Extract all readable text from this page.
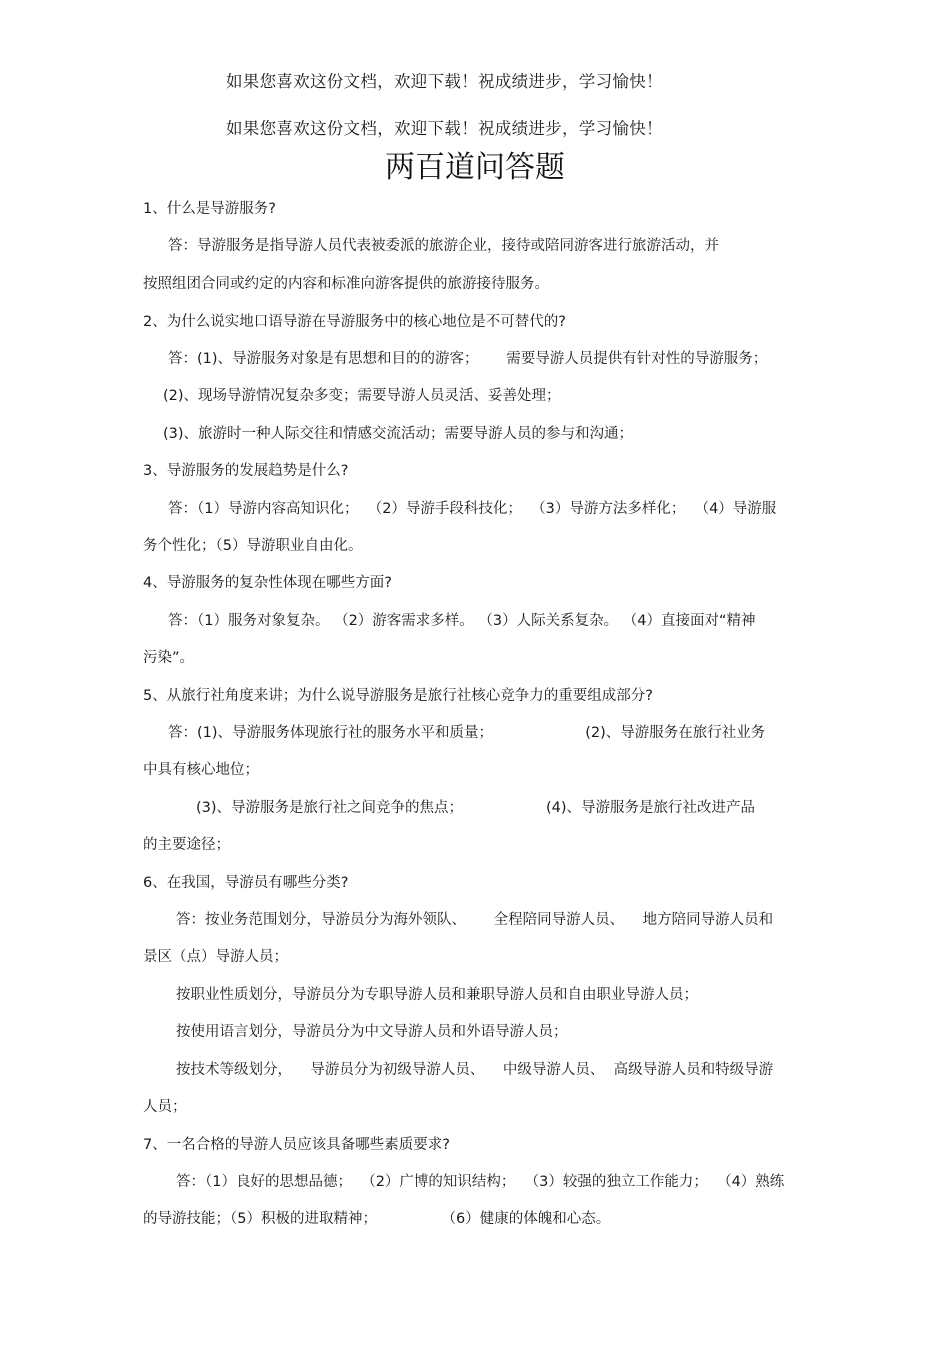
如果您喜欢这份文档，欢迎下载！祝成绩进步，学习愉快！
如果您喜欢这份文档，欢迎下载！祝成绩进步，学习愉快！
两百道问答题
1、什么是导游服务?
答：导游服务是指导游人员代表被委派的旅游企业，接待或陪同游客进行旅游活动，并
按照组团合同或约定的内容和标准向游客提供的旅游接待服务。
2、为什么说实地口语导游在导游服务中的核心地位是不可替代的?
答：(1)、导游服务对象是有思想和目的的游客；      需要导游人员提供有针对性的导游服务；
(2)、现场导游情况复杂多变；需要导游人员灵活、妥善处理；
(3)、旅游时一种人际交往和情感交流活动；需要导游人员的参与和沟通；
3、导游服务的发展趋势是什么?
答：（1）导游内容高知识化；  （2）导游手段科技化；  （3）导游方法多样化；  （4）导游服
务个性化；（5）导游职业自由化。
4、导游服务的复杂性体现在哪些方面?
答：（1）服务对象复杂。 （2）游客需求多样。 （3）人际关系复杂。 （4）直接面对“精神
污染”。
5、从旅行社角度来讲；为什么说导游服务是旅行社核心竞争力的重要组成部分?
答：(1)、导游服务体现旅行社的服务水平和质量；                    (2)、导游服务在旅行社业务
中具有核心地位；
(3)、导游服务是旅行社之间竞争的焦点；                  (4)、导游服务是旅行社改进产品
的主要途径；
6、在我国，导游员有哪些分类?
答：按业务范围划分，导游员分为海外领队、      全程陪同导游人员、    地方陪同导游人员和
景区（点）导游人员；
按职业性质划分，导游员分为专职导游人员和兼职导游人员和自由职业导游人员；
按使用语言划分，导游员分为中文导游人员和外语导游人员；
按技术等级划分，    导游员分为初级导游人员、    中级导游人员、  高级导游人员和特级导游
人员；
7、一名合格的导游人员应该具备哪些素质要求?
答：（1）良好的思想品德；  （2）广博的知识结构；  （3）较强的独立工作能力；  （4）熟练
的导游技能；（5）积极的进取精神；              （6）健康的体魄和心态。
